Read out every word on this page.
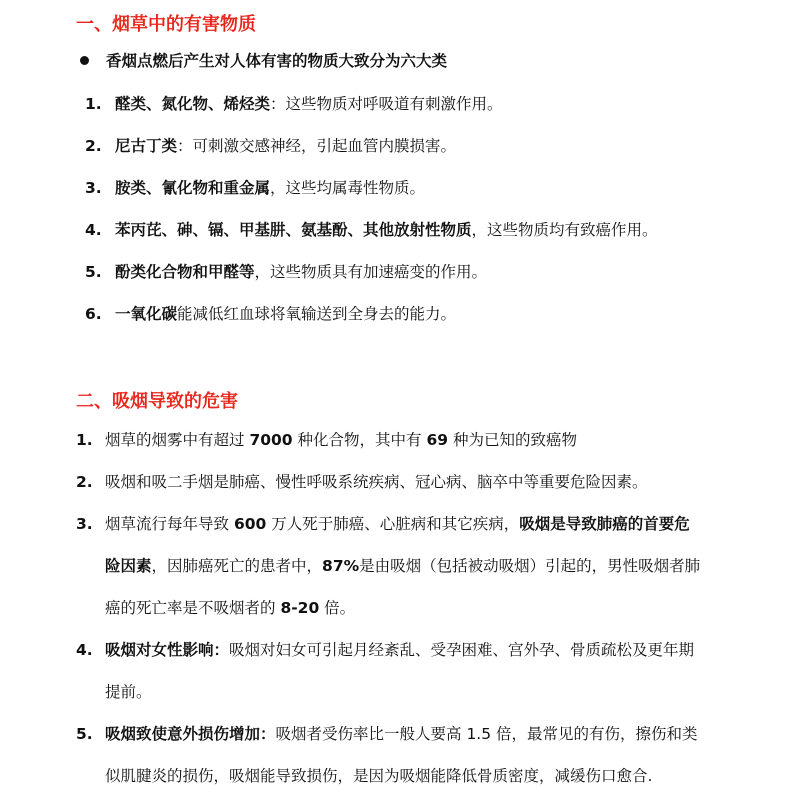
一、烟草中的有害物质
香烟点燃后产生对人体有害的物质大致分为六大类
1. 醛类、氮化物、烯烃类：这些物质对呼吸道有刺激作用。
2. 尼古丁类：可刺激交感神经，引起血管内膜损害。
3. 胺类、氰化物和重金属，这些均属毒性物质。
4. 苯丙芘、砷、镉、甲基肼、氨基酚、其他放射性物质，这些物质均有致癌作用。
5. 酚类化合物和甲醛等，这些物质具有加速癌变的作用。
6. 一氧化碳能减低红血球将氧输送到全身去的能力。
二、吸烟导致的危害
1. 烟草的烟雾中有超过 7000 种化合物，其中有 69 种为已知的致癌物
2. 吸烟和吸二手烟是肺癌、慢性呼吸系统疾病、冠心病、脑卒中等重要危险因素。
3. 烟草流行每年导致 600 万人死于肺癌、心脏病和其它疾病，吸烟是导致肺癌的首要危
险因素，因肺癌死亡的患者中，87%是由吸烟（包括被动吸烟）引起的，男性吸烟者肺
癌的死亡率是不吸烟者的 8-20 倍。
4. 吸烟对女性影响：吸烟对妇女可引起月经紊乱、受孕困难、宫外孕、骨质疏松及更年期
提前。
5. 吸烟致使意外损伤增加：吸烟者受伤率比一般人要高 1.5 倍，最常见的有伤，擦伤和类
似肌腱炎的损伤，吸烟能导致损伤，是因为吸烟能降低骨质密度，减缓伤口愈合.
